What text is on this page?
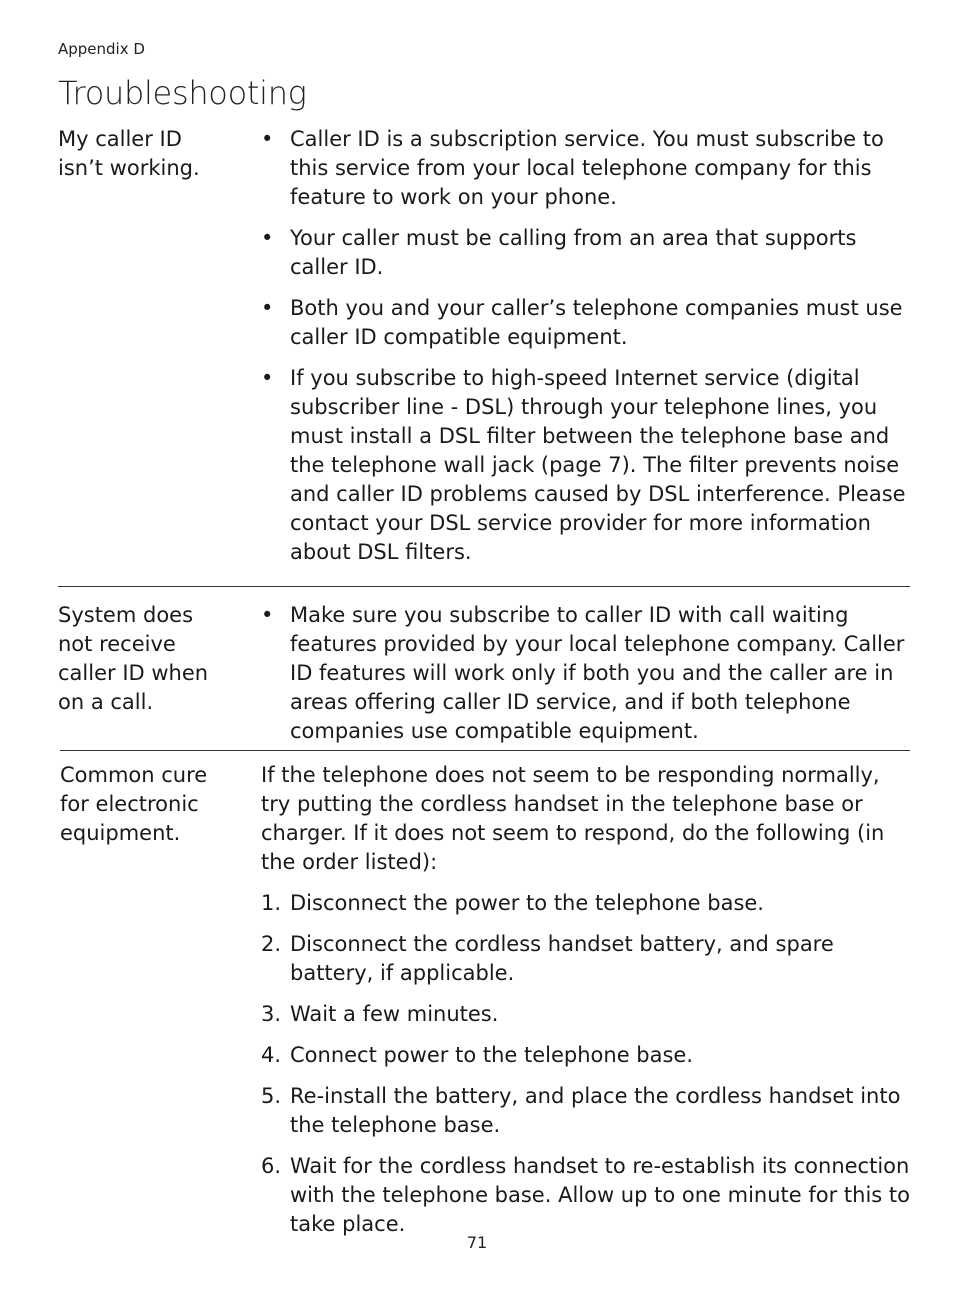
Appendix D
Troubleshooting
My caller ID
isn’t working.
• Caller ID is a subscription service. You must subscribe to this service from your local telephone company for this feature to work on your phone.
• Your caller must be calling from an area that supports caller ID.
• Both you and your caller’s telephone companies must use caller ID compatible equipment.
• If you subscribe to high-speed Internet service (digital subscriber line - DSL) through your telephone lines, you must install a DSL filter between the telephone base and the telephone wall jack (page 7). The filter prevents noise and caller ID problems caused by DSL interference. Please contact your DSL service provider for more information about DSL filters.
System does
not receive
caller ID when
on a call.
• Make sure you subscribe to caller ID with call waiting features provided by your local telephone company. Caller ID features will work only if both you and the caller are in areas offering caller ID service, and if both telephone companies use compatible equipment.
Common cure
for electronic
equipment.

If the telephone does not seem to be responding normally, try putting the cordless handset in the telephone base or charger. If it does not seem to respond, do the following (in the order listed):

1. Disconnect the power to the telephone base.
2. Disconnect the cordless handset battery, and spare battery, if applicable.
3. Wait a few minutes.
4. Connect power to the telephone base.
5. Re-install the battery, and place the cordless handset into the telephone base.
6. Wait for the cordless handset to re-establish its connection with the telephone base. Allow up to one minute for this to take place.
71
